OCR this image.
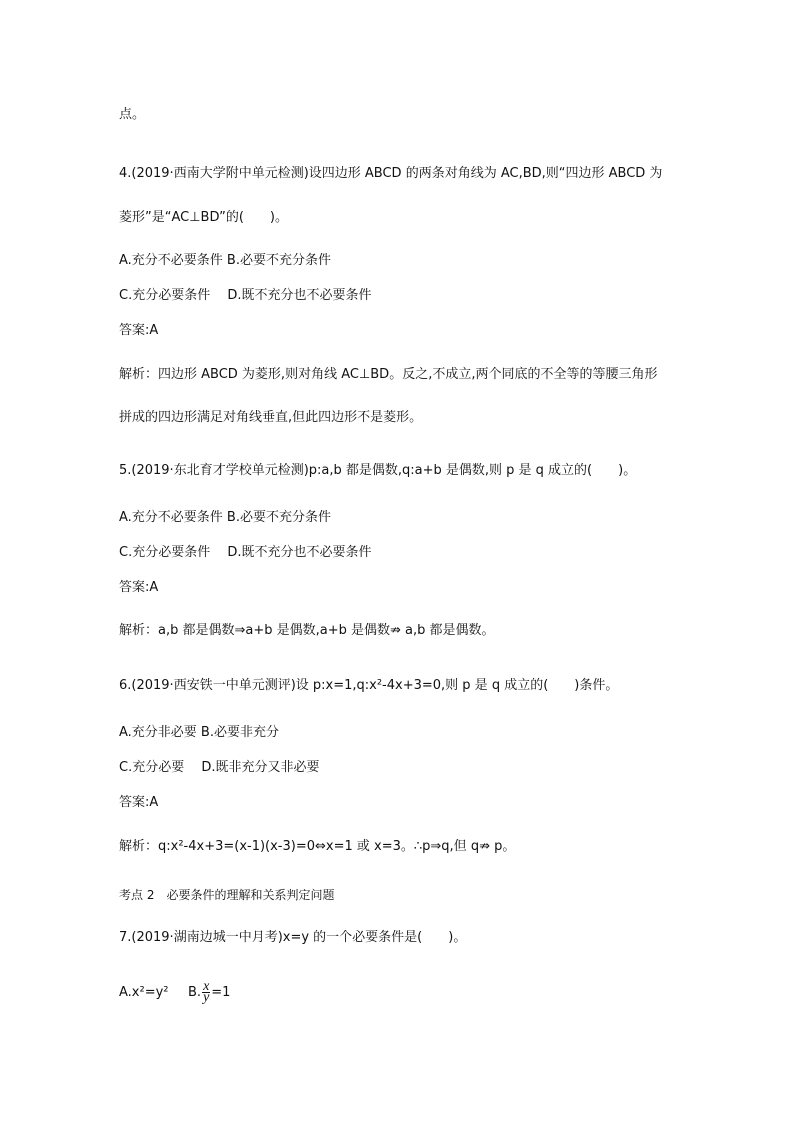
点。
4.(2019·西南大学附中单元检测)设四边形 ABCD 的两条对角线为 AC,BD,则“四边形 ABCD 为
菱形”是“AC⊥BD”的(　　)。
A.充分不必要条件 B.必要不充分条件
C.充分必要条件　 D.既不充分也不必要条件
答案:A
解析：四边形 ABCD 为菱形,则对角线 AC⊥BD。反之,不成立,两个同底的不全等的等腰三角形
拼成的四边形满足对角线垂直,但此四边形不是菱形。
5.(2019·东北育才学校单元检测)p:a,b 都是偶数,q:a+b 是偶数,则 p 是 q 成立的(　　)。
A.充分不必要条件 B.必要不充分条件
C.充分必要条件　 D.既不充分也不必要条件
答案:A
解析：a,b 都是偶数⇒a+b 是偶数,a+b 是偶数⇏ a,b 都是偶数。
6.(2019·西安铁一中单元测评)设 p:x=1,q:x²-4x+3=0,则 p 是 q 成立的(　　)条件。
A.充分非必要 B.必要非充分
C.充分必要　 D.既非充分又非必要
答案:A
解析：q:x²-4x+3=(x-1)(x-3)=0⇔x=1 或 x=3。∴p⇒q,但 q⇏ p。
考点 2　必要条件的理解和关系判定问题
7.(2019·湖南边城一中月考)x=y 的一个必要条件是(　　)。
A.x²=y²   B. $\frac{x}{y} =1$
